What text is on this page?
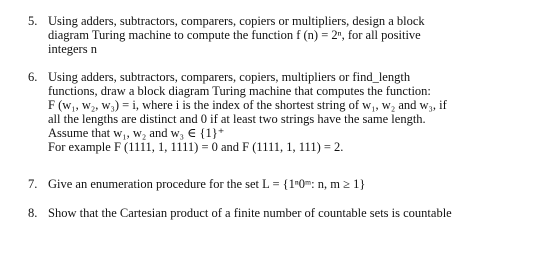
5. Using adders, subtractors, comparers, copiers or multipliers, design a block
diagram Turing machine to compute the function f (n) = 2ⁿ, for all positive
integers n
6. Using adders, subtractors, comparers, copiers, multipliers or find_length
functions, draw a block diagram Turing machine that computes the function:
F (w₁, w₂, w₃) = i, where i is the index of the shortest string of w₁, w₂ and w₃, if
all the lengths are distinct and 0 if at least two strings have the same length.
Assume that w₁, w₂ and w₃ ∈ {1}⁺
For example F (1111, 1, 1111) = 0 and F (1111, 1, 111) = 2.
7. Give an enumeration procedure for the set L = {1ⁿ0ᵐ: n, m ≥ 1}
8. Show that the Cartesian product of a finite number of countable sets is countable
